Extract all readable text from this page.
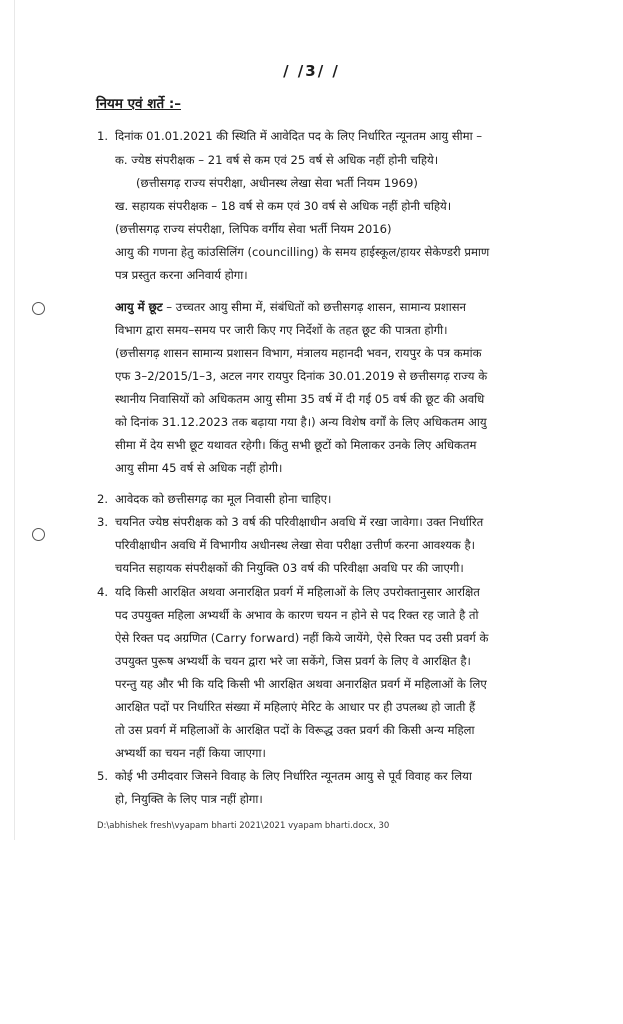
/ /3/ /
नियम एवं शर्ते :–
1. दिनांक 01.01.2021 की स्थिति में आवेदित पद के लिए निर्धारित न्यूनतम आयु सीमा –
क. ज्येष्ठ संपरीक्षक – 21 वर्ष से कम एवं 25 वर्ष से अधिक नहीं होनी चहिये।
(छत्तीसगढ़ राज्य संपरीक्षा, अधीनस्थ लेखा सेवा भर्ती नियम 1969)
ख. सहायक संपरीक्षक – 18 वर्ष से कम एवं 30 वर्ष से अधिक नहीं होनी चहिये।
(छत्तीसगढ़ राज्य संपरीक्षा, लिपिक वर्गीय सेवा भर्ती नियम 2016)
आयु की गणना हेतु कांउसिलिंग (councilling) के समय हाईस्कूल/हायर सेकेण्डरी प्रमाण
पत्र प्रस्तुत करना अनिवार्य होगा।
आयु में छूट – उच्चतर आयु सीमा में, संबंधितों को छत्तीसगढ़ शासन, सामान्य प्रशासन
विभाग द्वारा समय–समय पर जारी किए गए निर्देशों के तहत छूट की पात्रता होगी।
(छत्तीसगढ़ शासन सामान्य प्रशासन विभाग, मंत्रालय महानदी भवन, रायपुर के पत्र कमांक
एफ 3–2/2015/1–3, अटल नगर रायपुर दिनांक 30.01.2019 से छत्तीसगढ़ राज्य के
स्थानीय निवासियों को अधिकतम आयु सीमा 35 वर्ष में दी गई 05 वर्ष की छूट की अवधि
को दिनांक 31.12.2023 तक बढ़ाया गया है।) अन्य विशेष वर्गों के लिए अधिकतम आयु
सीमा में देय सभी छूट यथावत रहेगी। किंतु सभी छूटों को मिलाकर उनके लिए अधिकतम
आयु सीमा 45 वर्ष से अधिक नहीं होगी।
2. आवेदक को छत्तीसगढ़ का मूल निवासी होना चाहिए।
3. चयनित ज्येष्ठ संपरीक्षक को 3 वर्ष की परिवीक्षाधीन अवधि में रखा जावेगा। उक्त निर्धारित
परिवीक्षाधीन अवधि में विभागीय अधीनस्थ लेखा सेवा परीक्षा उत्तीर्ण करना आवश्यक है।
चयनित सहायक संपरीक्षकों की नियुक्ति 03 वर्ष की परिवीक्षा अवधि पर की जाएगी।
4. यदि किसी आरक्षित अथवा अनारक्षित प्रवर्ग में महिलाओं के लिए उपरोक्तानुसार आरक्षित
पद उपयुक्त महिला अभ्यर्थी के अभाव के कारण चयन न होने से पद रिक्त रह जाते है तो
ऐसे रिक्त पद अग्रणित (Carry forward) नहीं किये जायेंगे, ऐसे रिक्त पद उसी प्रवर्ग के
उपयुक्त पुरूष अभ्यर्थी के चयन द्वारा भरे जा सकेंगे, जिस प्रवर्ग के लिए वे आरक्षित है।
परन्तु यह और भी कि यदि किसी भी आरक्षित अथवा अनारक्षित प्रवर्ग में महिलाओं के लिए
आरक्षित पदों पर निर्धारित संख्या में महिलाएं मेरिट के आधार पर ही उपलब्ध हो जाती हैं
तो उस प्रवर्ग में महिलाओं के आरक्षित पदों के विरूद्ध उक्त प्रवर्ग की किसी अन्य महिला
अभ्यर्थी का चयन नहीं किया जाएगा।
5. कोई भी उमीदवार जिसने विवाह के लिए निर्धारित न्यूनतम आयु से पूर्व विवाह कर लिया
हो, नियुक्ति के लिए पात्र नहीं होगा।
D:\abhishek fresh\vyapam bharti 2021\2021 vyapam bharti.docx, 30
